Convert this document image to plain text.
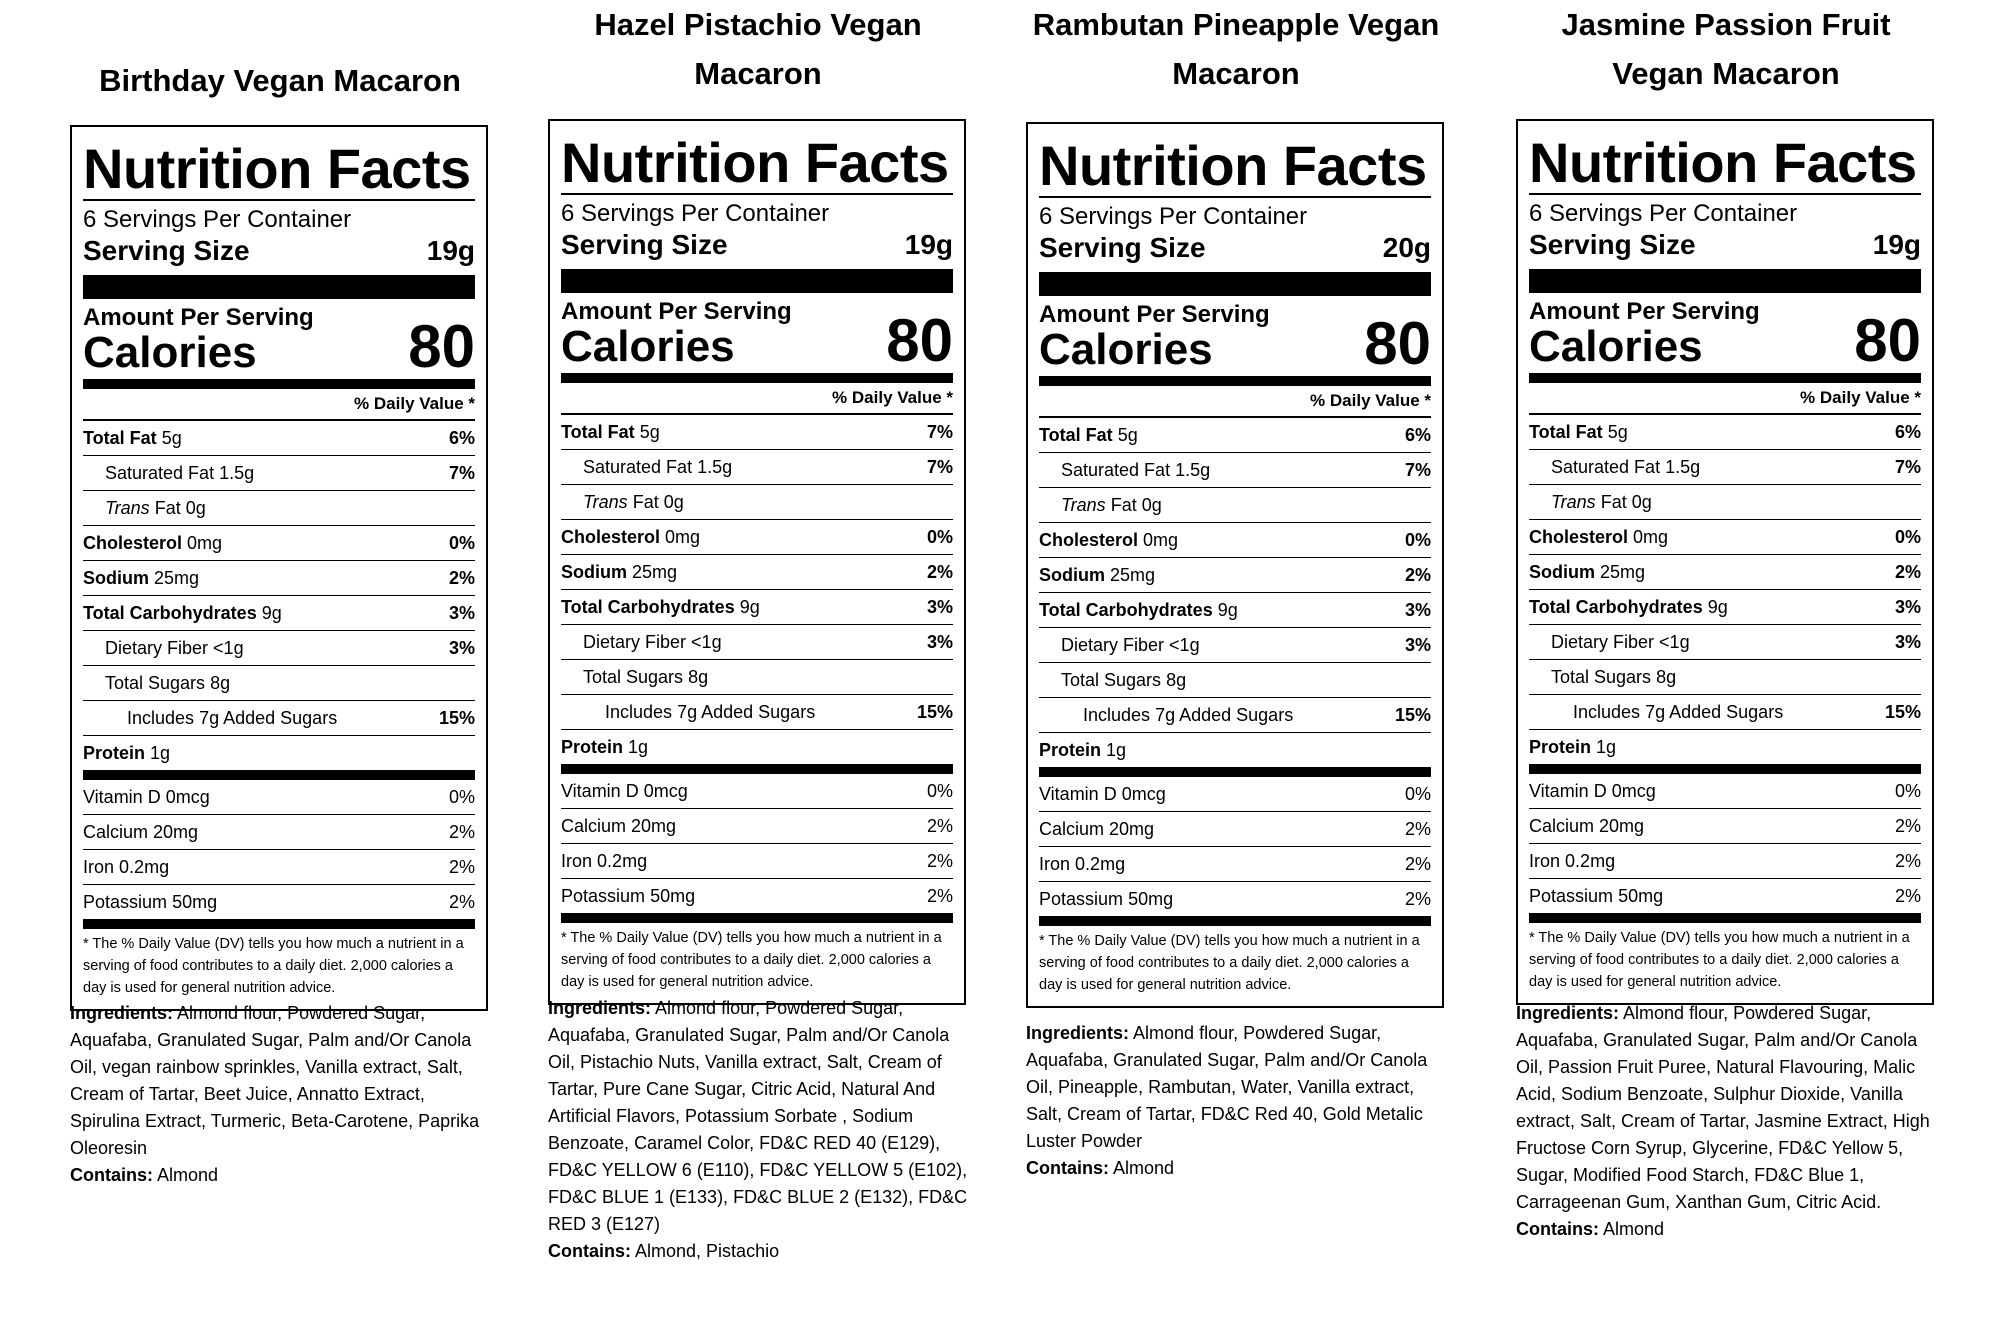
Birthday Vegan Macaron
Nutrition Facts
6 Servings Per Container
Serving Size	19g
Amount Per Serving
Calories	80
% Daily Value *
Total Fat 5g	6%
Saturated Fat 1.5g	7%
Trans Fat 0g
Cholesterol 0mg	0%
Sodium 25mg	2%
Total Carbohydrates 9g	3%
Dietary Fiber <1g	3%
Total Sugars 8g
Includes 7g Added Sugars	15%
Protein 1g
Vitamin D 0mcg	0%
Calcium 20mg	2%
Iron 0.2mg	2%
Potassium 50mg	2%
* The % Daily Value (DV) tells you how much a nutrient in a serving of food contributes to a daily diet. 2,000 calories a day is used for general nutrition advice.
Ingredients: Almond flour, Powdered Sugar, Aquafaba, Granulated Sugar, Palm and/Or Canola Oil, vegan rainbow sprinkles, Vanilla extract, Salt, Cream of Tartar, Beet Juice, Annatto Extract, Spirulina Extract, Turmeric, Beta-Carotene, Paprika Oleoresin
Contains: Almond
Hazel Pistachio Vegan Macaron
Nutrition Facts
6 Servings Per Container
Serving Size	19g
Amount Per Serving
Calories	80
% Daily Value *
Total Fat 5g	7%
Saturated Fat 1.5g	7%
Trans Fat 0g
Cholesterol 0mg	0%
Sodium 25mg	2%
Total Carbohydrates 9g	3%
Dietary Fiber <1g	3%
Total Sugars 8g
Includes 7g Added Sugars	15%
Protein 1g
Vitamin D 0mcg	0%
Calcium 20mg	2%
Iron 0.2mg	2%
Potassium 50mg	2%
* The % Daily Value (DV) tells you how much a nutrient in a serving of food contributes to a daily diet. 2,000 calories a day is used for general nutrition advice.
Ingredients: Almond flour, Powdered Sugar, Aquafaba, Granulated Sugar, Palm and/Or Canola Oil, Pistachio Nuts, Vanilla extract, Salt, Cream of Tartar, Pure Cane Sugar, Citric Acid, Natural And Artificial Flavors, Potassium Sorbate , Sodium Benzoate, Caramel Color, FD&C RED 40 (E129), FD&C YELLOW 6 (E110), FD&C YELLOW 5 (E102), FD&C BLUE 1 (E133), FD&C BLUE 2 (E132), FD&C RED 3 (E127)
Contains: Almond, Pistachio
Rambutan Pineapple Vegan Macaron
Nutrition Facts
6 Servings Per Container
Serving Size	20g
Amount Per Serving
Calories	80
% Daily Value *
Total Fat 5g	6%
Saturated Fat 1.5g	7%
Trans Fat 0g
Cholesterol 0mg	0%
Sodium 25mg	2%
Total Carbohydrates 9g	3%
Dietary Fiber <1g	3%
Total Sugars 8g
Includes 7g Added Sugars	15%
Protein 1g
Vitamin D 0mcg	0%
Calcium 20mg	2%
Iron 0.2mg	2%
Potassium 50mg	2%
* The % Daily Value (DV) tells you how much a nutrient in a serving of food contributes to a daily diet. 2,000 calories a day is used for general nutrition advice.
Ingredients: Almond flour, Powdered Sugar, Aquafaba, Granulated Sugar, Palm and/Or Canola Oil, Pineapple, Rambutan, Water, Vanilla extract, Salt, Cream of Tartar, FD&C Red 40, Gold Metalic Luster Powder
Contains: Almond
Jasmine Passion Fruit Vegan Macaron
Nutrition Facts
6 Servings Per Container
Serving Size	19g
Amount Per Serving
Calories	80
% Daily Value *
Total Fat 5g	6%
Saturated Fat 1.5g	7%
Trans Fat 0g
Cholesterol 0mg	0%
Sodium 25mg	2%
Total Carbohydrates 9g	3%
Dietary Fiber <1g	3%
Total Sugars 8g
Includes 7g Added Sugars	15%
Protein 1g
Vitamin D 0mcg	0%
Calcium 20mg	2%
Iron 0.2mg	2%
Potassium 50mg	2%
* The % Daily Value (DV) tells you how much a nutrient in a serving of food contributes to a daily diet. 2,000 calories a day is used for general nutrition advice.
Ingredients: Almond flour, Powdered Sugar, Aquafaba, Granulated Sugar, Palm and/Or Canola Oil, Passion Fruit Puree, Natural Flavouring, Malic Acid, Sodium Benzoate, Sulphur Dioxide, Vanilla extract, Salt, Cream of Tartar, Jasmine Extract, High Fructose Corn Syrup, Glycerine, FD&C Yellow 5, Sugar, Modified Food Starch, FD&C Blue 1, Carrageenan Gum, Xanthan Gum, Citric Acid.
Contains: Almond
